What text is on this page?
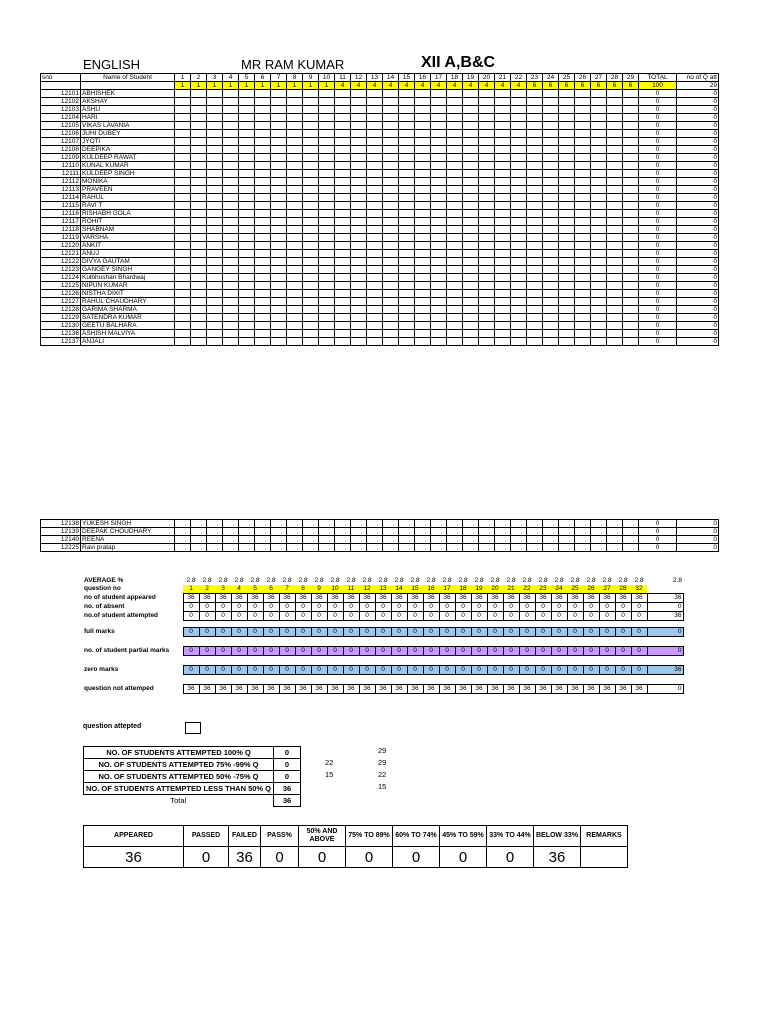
ENGLISH	MR RAM KUMAR	XII A,B&C
sno	Name of Student	1	2	3	4	5	6	7	8	9	10	11	12	13	14	15	16	17	18	19	20	21	22	23	24	25	26	27	28	29	TOTAL	no of Q att
		1	1	1	1	1	1	1	1	1	1	4	4	4	4	4	4	4	4	4	4	4	4	6	6	6	6	6	6	6	100	29
12101	ABHISHEK																														0	0
12102	AKSHAY																														0	0
12103	ASHU																														0	0
12104	HARI																														0	0
12105	VIKAS LAVANIA																														0	0
12106	JUHI DUBEY																														0	0
12107	JYOTI																														0	0
12108	DEEPIKA																														0	0
12109	KULDEEP RAWAT																														0	0
12110	KUNAL KUMAR																														0	0
12111	KULDEEP SINGH																														0	0
12112	MONIKA																														0	0
12113	PRAVEEN																														0	0
12114	RAHUL																														0	0
12115	RAVI T																														0	0
12116	RISHABH GOLA																														0	0
12117	ROHIT																														0	0
12118	SHABNAM																														0	0
12119	VARSHA																														0	0
12120	ANKIT																														0	0
12121	ANUJ																														0	0
12122	DIVYA GAUTAM																														0	0
12123	GANGEY SINGH																														0	0
12124	Kulbhushan Bhardwaj																														0	0
12125	NIPUN KUMAR																														0	0
12126	NISTHA DIXIT																														0	0
12127	RAHUL CHAUDHARY																														0	0
12128	GARIMA SHARMA																														0	0
12129	SATENDRA KUMAR																														0	0
12130	GEETU BALHARA																														0	0
12136	ASHISH MALVIYA																														0	0
12137	ANJALI																														0	0
12138	YUKESH SINGH																														0	0
12139	DEEPAK CHOUDHARY																														0	0
12140	REENA																														0	0
12225	Ravi pratap																														0	0
AVERAGE %	2.8	2.8	2.8	2.8	2.8	2.8	2.8	2.8	2.8	2.8	2.8	2.8	2.8	2.8	2.8	2.8	2.8	2.8	2.8	2.8	2.8	2.8	2.8	2.8	2.8	2.8	2.8	2.8	2.8	2.8
question no	1	2	3	4	5	6	7	8	9	10	11	12	13	14	15	16	17	18	19	20	21	22	23	24	25	26	27	28	32	
no of student appeared	36	36	36	36	36	36	36	36	36	36	36	36	36	36	36	36	36	36	36	36	36	36	36	36	36	36	36	36	36	36
no. of absent	0	0	0	0	0	0	0	0	0	0	0	0	0	0	0	0	0	0	0	0	0	0	0	0	0	0	0	0	0	0
no.of student attempted	0	0	0	0	0	0	0	0	0	0	0	0	0	0	0	0	0	0	0	0	0	0	0	0	0	0	0	0	0	36

full marks	0	0	0	0	0	0	0	0	0	0	0	0	0	0	0	0	0	0	0	0	0	0	0	0	0	0	0	0	0	0

no. of student partial marks	0	0	0	0	0	0	0	0	0	0	0	0	0	0	0	0	0	0	0	0	0	0	0	0	0	0	0	0	0	0

zero marks	0	0	0	0	0	0	0	0	0	0	0	0	0	0	0	0	0	0	0	0	0	0	0	0	0	0	0	0	0	36

question not attemped	36	36	36	36	36	36	36	36	36	36	36	36	36	36	36	36	36	36	36	36	36	36	36	36	36	36	36	36	36	0
question attepted
NO. OF STUDENTS ATTEMPTED 100% Q	0
NO. OF STUDENTS ATTEMPTED 75% -99% Q	0
NO. OF STUDENTS ATTEMPTED 50% -75% Q	0
NO. OF STUDENTS ATTEMPTED LESS THAN 50% Q	36
Total	36
22
15
29
29
22
15
APPEARED	PASSED	FAILED	PASS%	50% AND ABOVE	75% TO 89%	60% TO 74%	45% TO 59%	33% TO 44%	BELOW 33%	REMARKS
36	0	36	0	0	0	0	0	0	36	
